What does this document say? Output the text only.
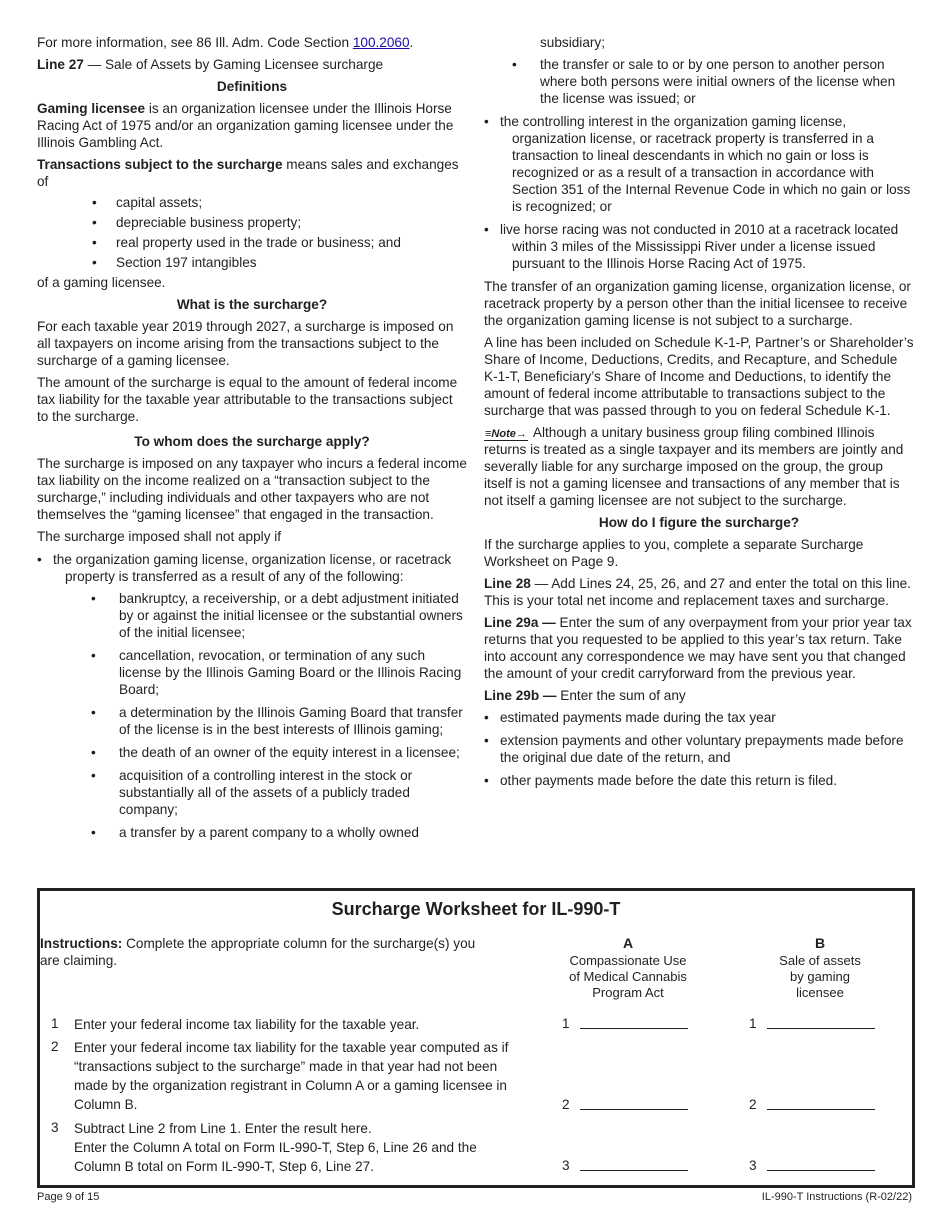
For more information, see 86 Ill. Adm. Code Section 100.2060.

Line 27 — Sale of Assets by Gaming Licensee surcharge

Definitions

Gaming licensee is an organization licensee under the Illinois Horse Racing Act of 1975 and/or an organization gaming licensee under the Illinois Gambling Act.

Transactions subject to the surcharge means sales and exchanges of

• capital assets;
• depreciable business property;
• real property used in the trade or business; and
• Section 197 intangibles

of a gaming licensee.

What is the surcharge?

For each taxable year 2019 through 2027, a surcharge is imposed on all taxpayers on income arising from the transactions subject to the surcharge of a gaming licensee.

The amount of the surcharge is equal to the amount of federal income tax liability for the taxable year attributable to the transactions subject to the surcharge.

To whom does the surcharge apply?

The surcharge is imposed on any taxpayer who incurs a federal income tax liability on the income realized on a “transaction subject to the surcharge,” including individuals and other taxpayers who are not themselves the “gaming licensee” that engaged in the transaction.

The surcharge imposed shall not apply if

• the organization gaming license, organization license, or racetrack property is transferred as a result of any of the following:
• bankruptcy, a receivership, or a debt adjustment initiated by or against the initial licensee or the substantial owners of the initial licensee;
• cancellation, revocation, or termination of any such license by the Illinois Gaming Board or the Illinois Racing Board;
• a determination by the Illinois Gaming Board that transfer of the license is in the best interests of Illinois gaming;
• the death of an owner of the equity interest in a licensee;
• acquisition of a controlling interest in the stock or substantially all of the assets of a publicly traded company;
• a transfer by a parent company to a wholly owned
subsidiary;
• the transfer or sale to or by one person to another person where both persons were initial owners of the license when the license was issued; or
• the controlling interest in the organization gaming license, organization license, or racetrack property is transferred in a transaction to lineal descendants in which no gain or loss is recognized or as a result of a transaction in accordance with Section 351 of the Internal Revenue Code in which no gain or loss is recognized; or
• live horse racing was not conducted in 2010 at a racetrack located within 3 miles of the Mississippi River under a license issued pursuant to the Illinois Horse Racing Act of 1975.

The transfer of an organization gaming license, organization license, or racetrack property by a person other than the initial licensee to receive the organization gaming license is not subject to a surcharge.

A line has been included on Schedule K-1-P, Partner’s or Shareholder’s Share of Income, Deductions, Credits, and Recapture, and Schedule K-1-T, Beneficiary’s Share of Income and Deductions, to identify the amount of federal income attributable to transactions subject to the surcharge that was passed through to you on federal Schedule K-1.

≡Note→ Although a unitary business group filing combined Illinois returns is treated as a single taxpayer and its members are jointly and severally liable for any surcharge imposed on the group, the group itself is not a gaming licensee and transactions of any member that is not itself a gaming licensee are not subject to the surcharge.

How do I figure the surcharge?

If the surcharge applies to you, complete a separate Surcharge Worksheet on Page 9.

Line 28 — Add Lines 24, 25, 26, and 27 and enter the total on this line. This is your total net income and replacement taxes and surcharge.

Line 29a — Enter the sum of any overpayment from your prior year tax returns that you requested to be applied to this year’s tax return. Take into account any correspondence we may have sent you that changed the amount of your credit carryforward from the previous year.

Line 29b — Enter the sum of any

• estimated payments made during the tax year
• extension payments and other voluntary prepayments made before the original due date of the return, and
• other payments made before the date this return is filed.
Surcharge Worksheet for IL-990-T
Instructions: Complete the appropriate column for the surcharge(s) you are claiming.
A
Compassionate Use
of Medical Cannabis
Program Act
B
Sale of assets
by gaming
licensee
1 Enter your federal income tax liability for the taxable year.	1	1
2 Enter your federal income tax liability for the taxable year computed as if “transactions subject to the surcharge” made in that year had not been made by the organization registrant in Column A or a gaming licensee in Column B.	2	2
3 Subtract Line 2 from Line 1. Enter the result here.
Enter the Column A total on Form IL-990-T, Step 6, Line 26 and the Column B total on Form IL-990-T, Step 6, Line 27.	3	3
Page 9 of 15	IL-990-T Instructions (R-02/22)
